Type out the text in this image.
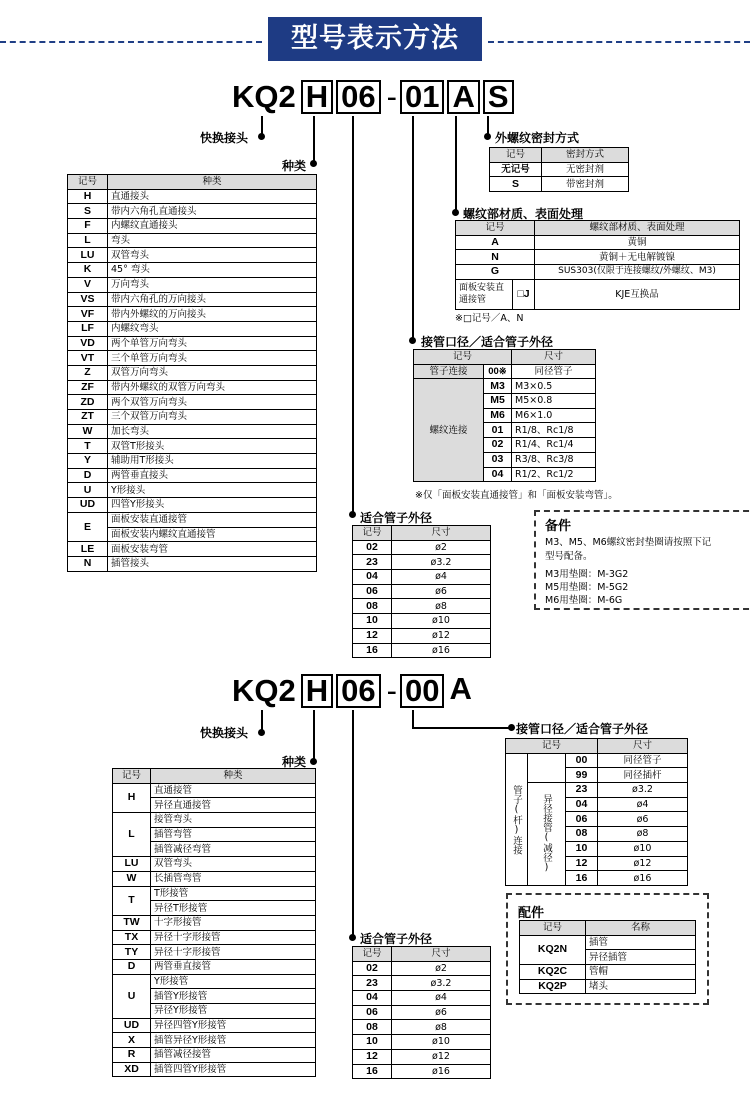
型号表示方法
KQ2 H 06 - 01 A S
快换接头
种类
适合管子外径
接管口径／适合管子外径
螺纹部材质、表面处理
外螺纹密封方式
记号	种类
H	直通接头
S	带内六角孔直通接头
F	内螺纹直通接头
L	弯头
LU	双管弯头
K	45° 弯头
V	万向弯头
VS	带内六角孔的万向接头
VF	带内外螺纹的万向接头
LF	内螺纹弯头
VD	两个单管万向弯头
VT	三个单管万向弯头
Z	双管万向弯头
ZF	带内外螺纹的双管万向弯头
ZD	两个双管万向弯头
ZT	三个双管万向弯头
W	加长弯头
T	双管T形接头
Y	辅助用T形接头
D	两管垂直接头
U	Y形接头
UD	四管Y形接头
E	面板安装直通接管
	面板安装内螺纹直通接管
LE	面板安装弯管
N	插管接头
记号	密封方式
无记号	无密封剂
S	带密封剂
记号		螺纹部材质、表面处理
A		黄铜
N		黄铜＋无电解镀镍
G		SUS303(仅限于连接螺纹/外螺纹、M3)
面板安装直通接管	□J	KJE互换品
※□记号／A、N
记号		尺寸
管子连接	00※	同径管子
螺纹连接	M3	M3×0.5
	M5	M5×0.8
	M6	M6×1.0
	01	R1/8、Rc1/8
	02	R1/4、Rc1/4
	03	R3/8、Rc3/8
	04	R1/2、Rc1/2
※仅「面板安装直通接管」和「面板安装弯管」。
记号	尺寸
02	ø2
23	ø3.2
04	ø4
06	ø6
08	ø8
10	ø10
12	ø12
16	ø16
备件
M3、M5、M6螺纹密封垫圈请按照下记
型号配备。
M3用垫圈：M-3G2
M5用垫圈：M-5G2
M6用垫圈：M-6G
KQ2 H 06 - 00 A
快换接头
种类
适合管子外径
接管口径／适合管子外径
记号	种类
H	直通接管
	异径直通接管
L	接管弯头
	插管弯管
	插管减径弯管
LU	双管弯头
W	长插管弯管
T	T形接管
	异径T形接管
TW	十字形接管
TX	异径十字形接管
TY	异径十字形接管
D	两管垂直接管
U	Y形接管
	插管Y形接管
	异径Y形接管
UD	异径四管Y形接管
X	插管异径Y形接管
R	插管减径接管
XD	插管四管Y形接管
记号			尺寸
管子(杆)连接		00	同径管子
		99	同径插杆
	异径接管(减径)	23	ø3.2
		04	ø4
		06	ø6
		08	ø8
		10	ø10
		12	ø12
		16	ø16
记号	尺寸
02	ø2
23	ø3.2
04	ø4
06	ø6
08	ø8
10	ø10
12	ø12
16	ø16
配件
记号	名称
KQ2N	插管
	异径插管
KQ2C	管帽
KQ2P	堵头
